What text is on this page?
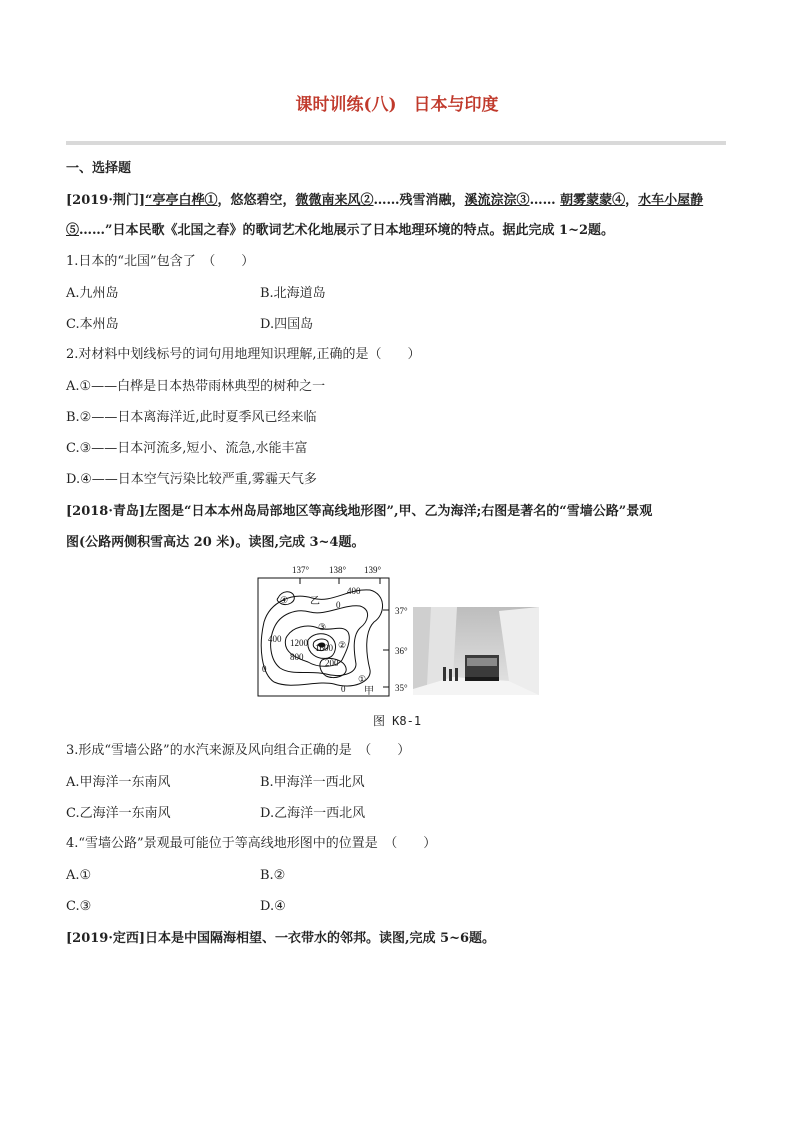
课时训练(八)　日本与印度
一、选择题
[2019·荆门]“亭亭白桦①，悠悠碧空，微微南来风②……残雪消融，溪流淙淙③…… 朝雾蒙蒙④，水车小屋静
⑤……”日本民歌《北国之春》的歌词艺术化地展示了日本地理环境的特点。据此完成 1~2题。
1.日本的“北国”包含了　（　　）
A.九州岛	B.北海道岛
C.本州岛	D.四国岛
2.对材料中划线标号的词句用地理知识理解,正确的是（　　）
A.①——白桦是日本热带雨林典型的树种之一
B.②——日本离海洋近,此时夏季风已经来临
C.③——日本河流多,短小、流急,水能丰富
D.④——日本空气污染比较严重,雾霾天气多
[2018·青岛]左图是“日本本州岛局部地区等高线地形图”,甲、乙为海洋;右图是著名的“雪墙公路”景观
图(公路两侧积雪高达 20 米)。读图,完成 3~4题。
137° 138° 139°
37°
36°
35°
400
0
400 1200 1600
800
200
0
0
④
③
②
①
乙
甲
图 K8-1
3.形成“雪墙公路”的水汽来源及风向组合正确的是　（　　）
A.甲海洋一东南风	B.甲海洋一西北风
C.乙海洋一东南风	D.乙海洋一西北风
4.“雪墙公路”景观最可能位于等高线地形图中的位置是　（　　）
A.①	B.②
C.③	D.④
[2019·定西]日本是中国隔海相望、一衣带水的邻邦。读图,完成 5~6题。
